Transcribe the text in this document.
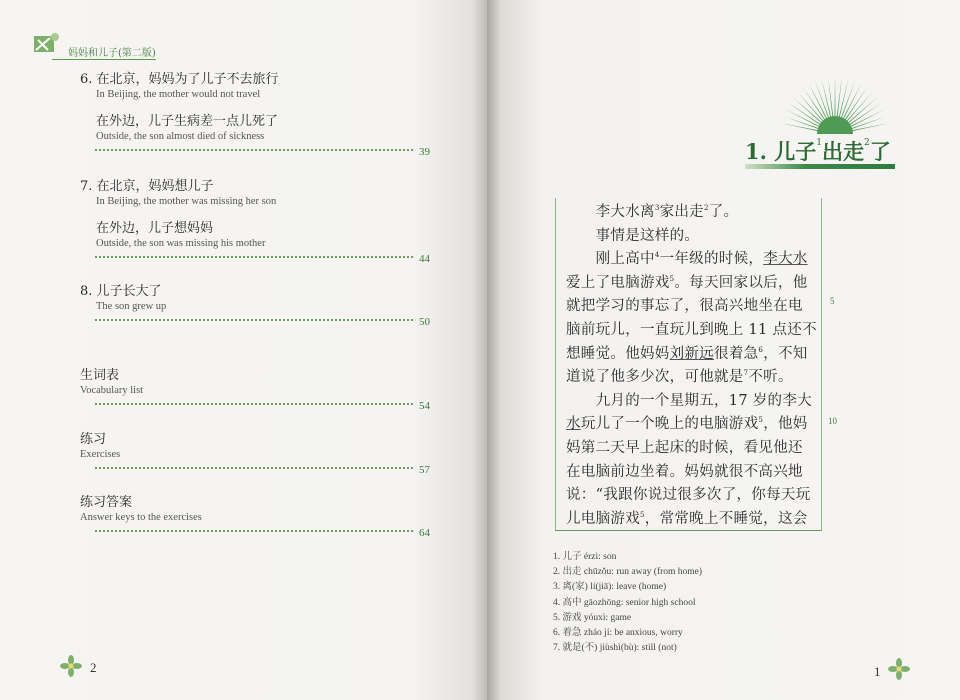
妈妈和儿子(第二版)
2
6. 在北京，妈妈为了儿子不去旅行
In Beijing, the mother would not travel
在外边，儿子生病差一点儿死了
Outside, the son almost died of sickness
39
7. 在北京，妈妈想儿子
In Beijing, the mother was missing her son
在外边，儿子想妈妈
Outside, the son was missing his mother
44
8. 儿子长大了
The son grew up
50
生词表
Vocabulary list
54
练习
Exercises
57
练习答案
Answer keys to the exercises
64
1. 儿子$^1$出走$^2$了
　　李大水离$^3$家出走$^2$了。
　　事情是这样的。
　　刚上高中$^4$一年级的时候，李大水
爱上了电脑游戏$^5$。每天回家以后，他
就把学习的事忘了，很高兴地坐在电
脑前玩儿，一直玩儿到晚上 11 点还不
想睡觉。他妈妈刘新远很着急$^6$，不知
道说了他多少次，可他就是$^7$不听。
　　九月的一个星期五，17 岁的李大
水玩儿了一个晚上的电脑游戏$^5$，他妈
妈第二天早上起床的时候，看见他还
在电脑前边坐着。妈妈就很不高兴地
说：“我跟你说过很多次了，你每天玩
儿电脑游戏$^5$，常常晚上不睡觉，这会
5
10
1
1. 儿子 érzi: son
2. 出走 chūzǒu: run away (from home)
3. 离(家) lí(jiā): leave (home)
4. 高中 gāozhōng: senior high school
5. 游戏 yóuxì: game
6. 着急 zháo jí: be anxious, worry
7. 就是(不) jiùshì(bù): still (not)
